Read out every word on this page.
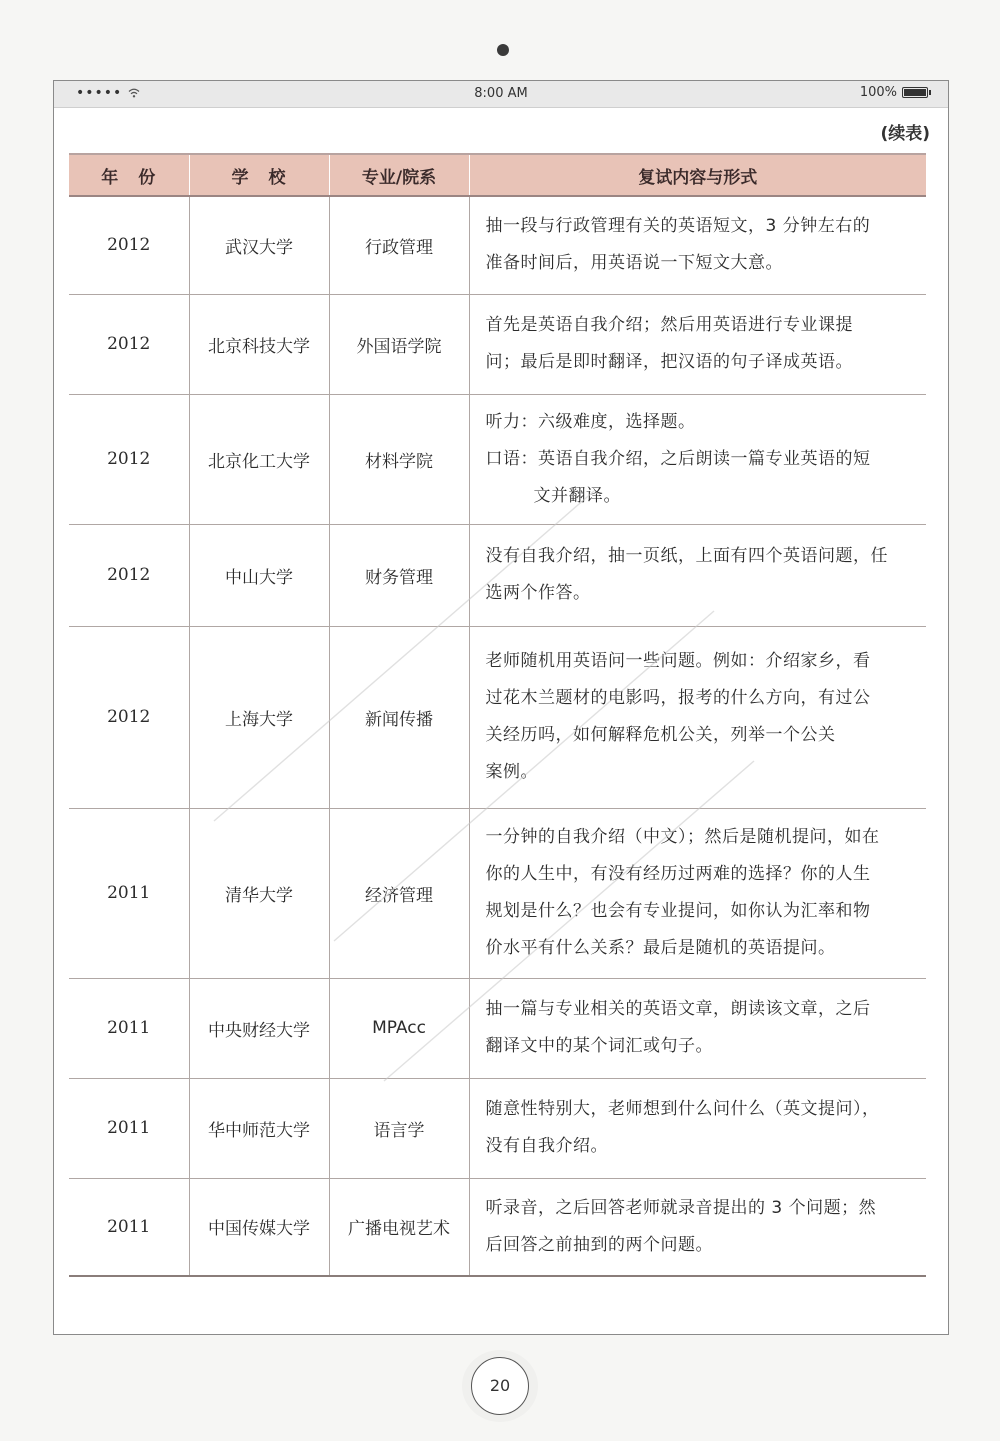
•••••	8:00 AM	100%
(续表)
年份	学校	专业/院系	复试内容与形式
2012	武汉大学	行政管理	抽一段与行政管理有关的英语短文，3 分钟左右的
准备时间后，用英语说一下短文大意。

2012	北京科技大学	外国语学院	首先是英语自我介绍；然后用英语进行专业课提
问；最后是即时翻译，把汉语的句子译成英语。

2012	北京化工大学	材料学院	听力：六级难度，选择题。
口语：英语自我介绍，之后朗读一篇专业英语的短
文并翻译。

2012	中山大学	财务管理	没有自我介绍，抽一页纸，上面有四个英语问题，任
选两个作答。

2012	上海大学	新闻传播	老师随机用英语问一些问题。例如：介绍家乡，看
过花木兰题材的电影吗，报考的什么方向，有过公
关经历吗，如何解释危机公关，列举一个公关
案例。

2011	清华大学	经济管理	一分钟的自我介绍（中文）；然后是随机提问，如在
你的人生中，有没有经历过两难的选择？你的人生
规划是什么？也会有专业提问，如你认为汇率和物
价水平有什么关系？最后是随机的英语提问。

2011	中央财经大学	MPAcc	抽一篇与专业相关的英语文章，朗读该文章，之后
翻译文中的某个词汇或句子。

2011	华中师范大学	语言学	随意性特别大，老师想到什么问什么（英文提问），
没有自我介绍。

2011	中国传媒大学	广播电视艺术	听录音，之后回答老师就录音提出的 3 个问题；然
后回答之前抽到的两个问题。
20
